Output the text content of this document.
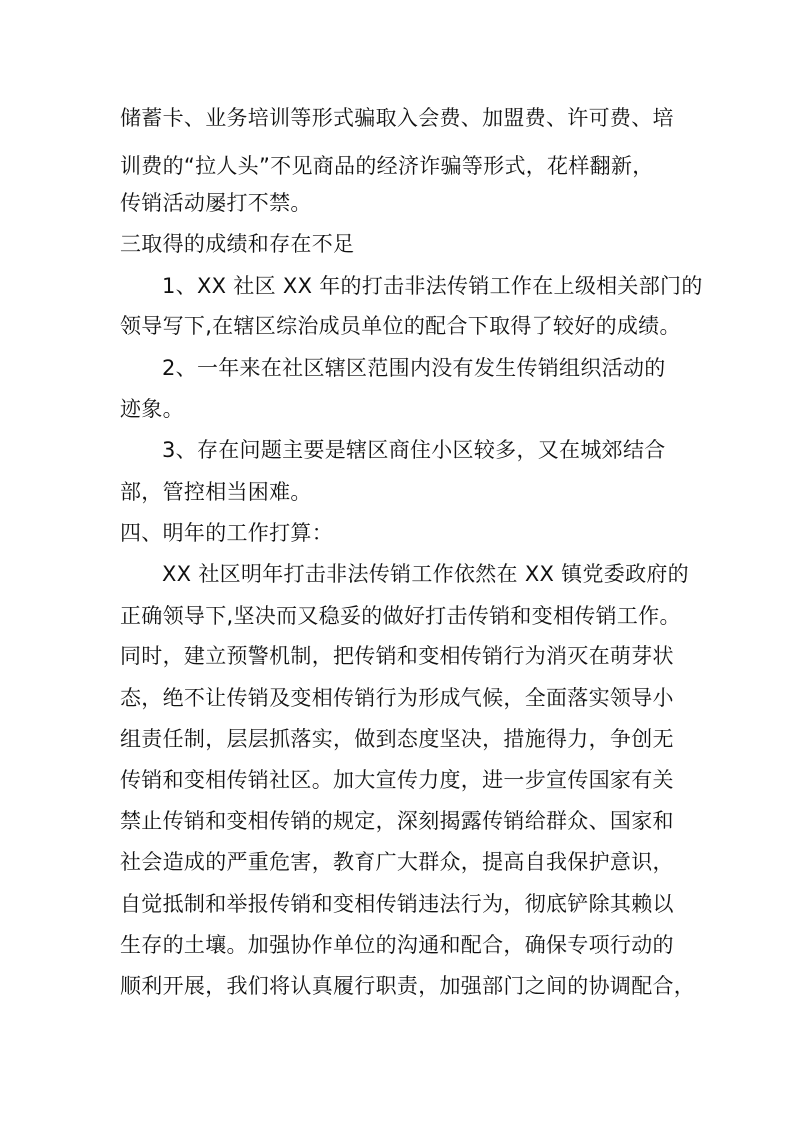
储蓄卡、业务培训等形式骗取入会费、加盟费、许可费、培
训费的“拉人头”不见商品的经济诈骗等形式，花样翻新，
传销活动屡打不禁。
三取得的成绩和存在不足
1、XX 社区 XX 年的打击非法传销工作在上级相关部门的
领导写下,在辖区综治成员单位的配合下取得了较好的成绩。
2、一年来在社区辖区范围内没有发生传销组织活动的
迹象。
3、存在问题主要是辖区商住小区较多，又在城郊结合
部，管控相当困难。
四、明年的工作打算：
XX 社区明年打击非法传销工作依然在 XX 镇党委政府的
正确领导下,坚决而又稳妥的做好打击传销和变相传销工作。
同时，建立预警机制，把传销和变相传销行为消灭在萌芽状
态，绝不让传销及变相传销行为形成气候，全面落实领导小
组责任制，层层抓落实，做到态度坚决，措施得力，争创无
传销和变相传销社区。加大宣传力度，进一步宣传国家有关
禁止传销和变相传销的规定，深刻揭露传销给群众、国家和
社会造成的严重危害，教育广大群众，提高自我保护意识，
自觉抵制和举报传销和变相传销违法行为，彻底铲除其赖以
生存的土壤。加强协作单位的沟通和配合，确保专项行动的
顺利开展，我们将认真履行职责，加强部门之间的协调配合，
